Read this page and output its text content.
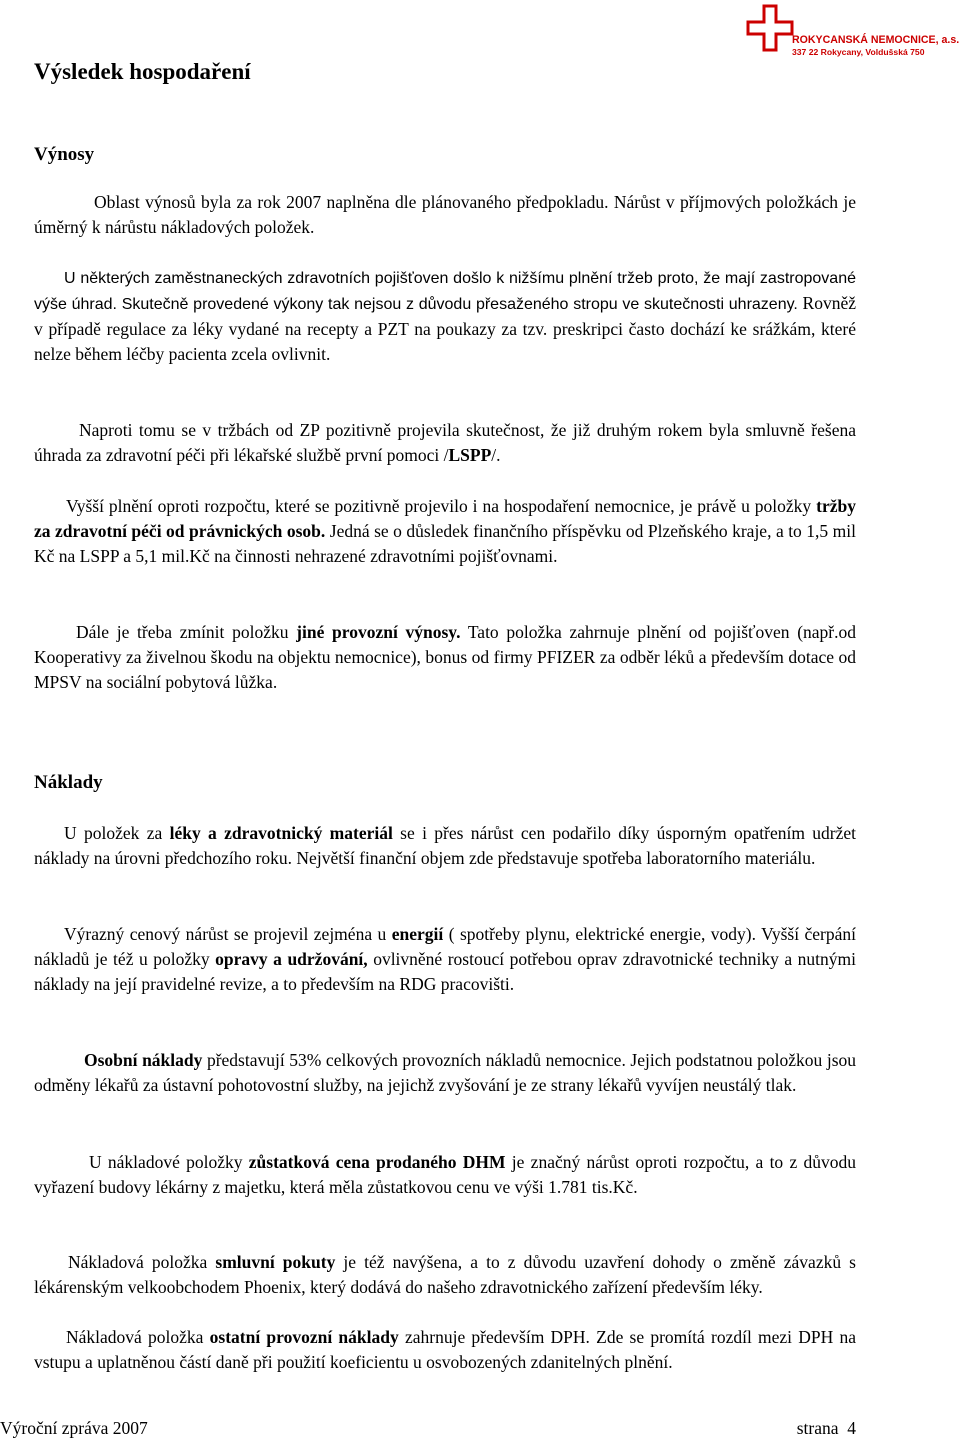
ROKYCANSKÁ NEMOCNICE, a.s.
337 22 Rokycany, Voldušská 750
Výsledek hospodaření
Výnosy

Oblast výnosů byla za rok 2007 naplněna dle plánovaného předpokladu. Nárůst v příjmových položkách je úměrný k nárůstu nákladových položek.

U některých zaměstnaneckých zdravotních pojišťoven došlo k nižšímu plnění tržeb proto, že mají zastropované výše úhrad. Skutečně provedené výkony tak nejsou z důvodu přesaženého stropu ve skutečnosti uhrazeny. Rovněž v případě regulace za léky vydané na recepty a PZT na poukazy za tzv. preskripci často dochází ke srážkám, které nelze během léčby pacienta zcela ovlivnit.

Naproti tomu se v tržbách od ZP pozitivně projevila skutečnost, že již druhým rokem byla smluvně řešena úhrada za zdravotní péči při lékařské službě první pomoci /LSPP/.

Vyšší plnění oproti rozpočtu, které se pozitivně projevilo i na hospodaření nemocnice, je právě u položky tržby za zdravotní péči od právnických osob. Jedná se o důsledek finančního příspěvku od Plzeňského kraje, a to 1,5 mil Kč na LSPP a 5,1 mil.Kč na činnosti nehrazené zdravotními pojišťovnami.

Dále je třeba zmínit položku jiné provozní výnosy. Tato položka zahrnuje plnění od pojišťoven (např.od Kooperativy za živelnou škodu na objektu nemocnice), bonus od firmy PFIZER za odběr léků a především dotace od MPSV na sociální pobytová lůžka.

Náklady

U položek za léky a zdravotnický materiál se i přes nárůst cen podařilo díky úsporným opatřením udržet náklady na úrovni předchozího roku. Největší finanční objem zde představuje spotřeba laboratorního materiálu.

Výrazný cenový nárůst se projevil zejména u energií ( spotřeby plynu, elektrické energie, vody). Vyšší čerpání nákladů je též u položky opravy a udržování, ovlivněné rostoucí potřebou oprav zdravotnické techniky a nutnými náklady na její pravidelné revize, a to především na RDG pracovišti.

Osobní náklady představují 53% celkových provozních nákladů nemocnice. Jejich podstatnou položkou jsou odměny lékařů za ústavní pohotovostní služby, na jejichž zvyšování je ze strany lékařů vyvíjen neustálý tlak.

U nákladové položky zůstatková cena prodaného DHM je značný nárůst oproti rozpočtu, a to z důvodu vyřazení budovy lékárny z majetku, která měla zůstatkovou cenu ve výši 1.781 tis.Kč.

Nákladová položka smluvní pokuty je též navýšena, a to z důvodu uzavření dohody o změně závazků s lékárenským velkoobchodem Phoenix, který dodává do našeho zdravotnického zařízení především léky.

Nákladová položka ostatní provozní náklady zahrnuje především DPH. Zde se promítá rozdíl mezi DPH na vstupu a uplatněnou částí daně při použití koeficientu u osvobozených zdanitelných plnění.

Výroční zpráva 2007	strana  4
